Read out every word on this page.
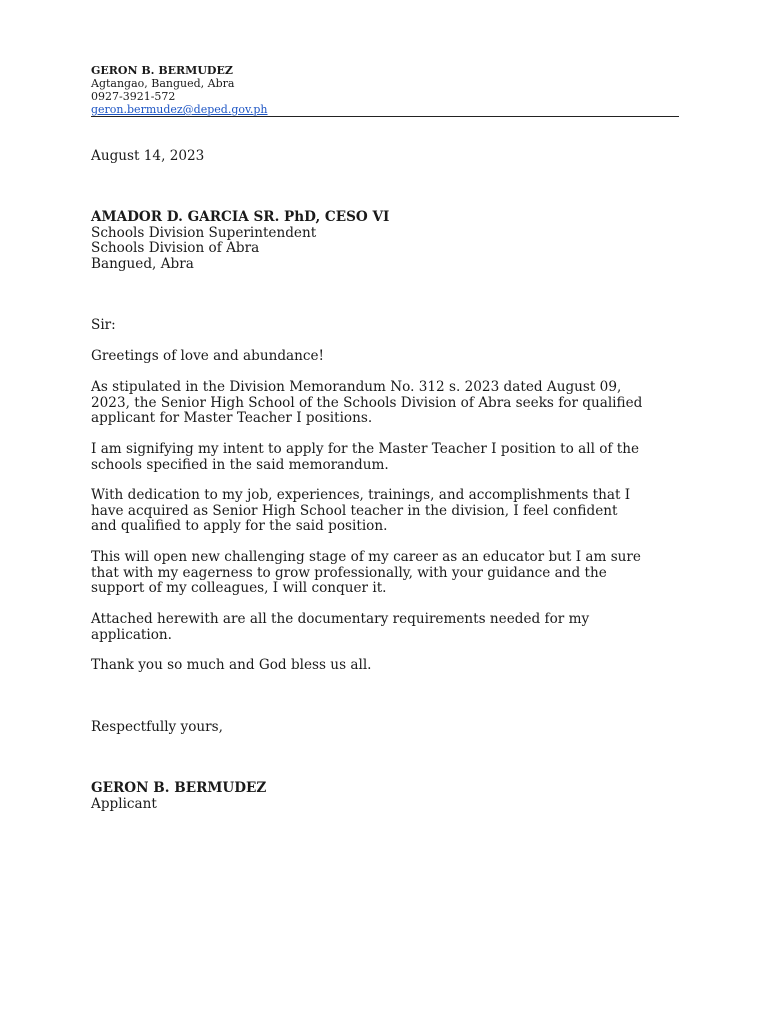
GERON B. BERMUDEZ
Agtangao, Bangued, Abra
0927-3921-572
geron.bermudez@deped.gov.ph
August 14, 2023
AMADOR D. GARCIA SR. PhD, CESO VI
Schools Division Superintendent
Schools Division of Abra
Bangued, Abra
Sir:
Greetings of love and abundance!
As stipulated in the Division Memorandum No. 312 s. 2023 dated August 09,
2023, the Senior High School of the Schools Division of Abra seeks for qualified
applicant for Master Teacher I positions.
I am signifying my intent to apply for the Master Teacher I position to all of the
schools specified in the said memorandum.
With dedication to my job, experiences, trainings, and accomplishments that I
have acquired as Senior High School teacher in the division, I feel confident
and qualified to apply for the said position.
This will open new challenging stage of my career as an educator but I am sure
that with my eagerness to grow professionally, with your guidance and the
support of my colleagues, I will conquer it.
Attached herewith are all the documentary requirements needed for my
application.
Thank you so much and God bless us all.
Respectfully yours,
GERON B. BERMUDEZ
Applicant
